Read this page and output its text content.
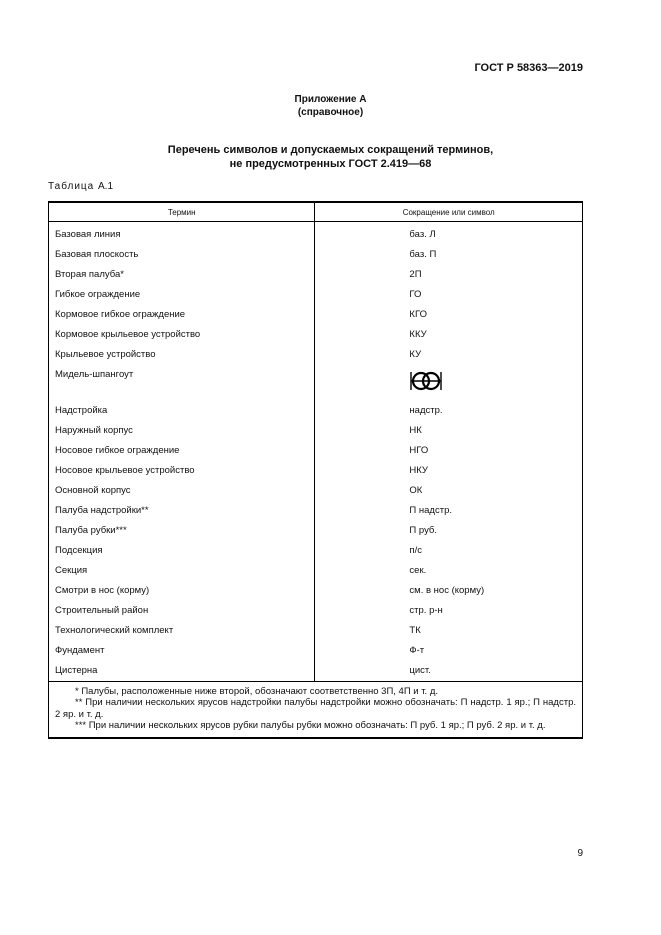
ГОСТ Р 58363—2019
Приложение А
(справочное)
Перечень символов и допускаемых сокращений терминов,
не предусмотренных ГОСТ 2.419—68
Таблица А.1
Термин	Сокращение или символ
Базовая линия	баз. Л
Базовая плоскость	баз. П
Вторая палуба*	2П
Гибкое ограждение	ГО
Кормовое гибкое ограждение	КГО
Кормовое крыльевое устройство	ККУ
Крыльевое устройство	КУ
Мидель-шпангоут	
Надстройка	надстр.
Наружный корпус	НК
Носовое гибкое ограждение	НГО
Носовое крыльевое устройство	НКУ
Основной корпус	ОК
Палуба надстройки**	П надстр.
Палуба рубки***	П руб.
Подсекция	п/с
Секция	сек.
Смотри в нос (корму)	см. в нос (корму)
Строительный район	стр. р-н
Технологический комплект	ТК
Фундамент	Ф-т
Цистерна	цист.

* Палубы, расположенные ниже второй, обозначают соответственно 3П, 4П и т. д.
** При наличии нескольких ярусов надстройки палубы надстройки можно обозначать: П надстр. 1 яр.; П надстр. 2 яр. и т. д.
*** При наличии нескольких ярусов рубки палубы рубки можно обозначать: П руб. 1 яр.; П руб. 2 яр. и т. д.	
9
